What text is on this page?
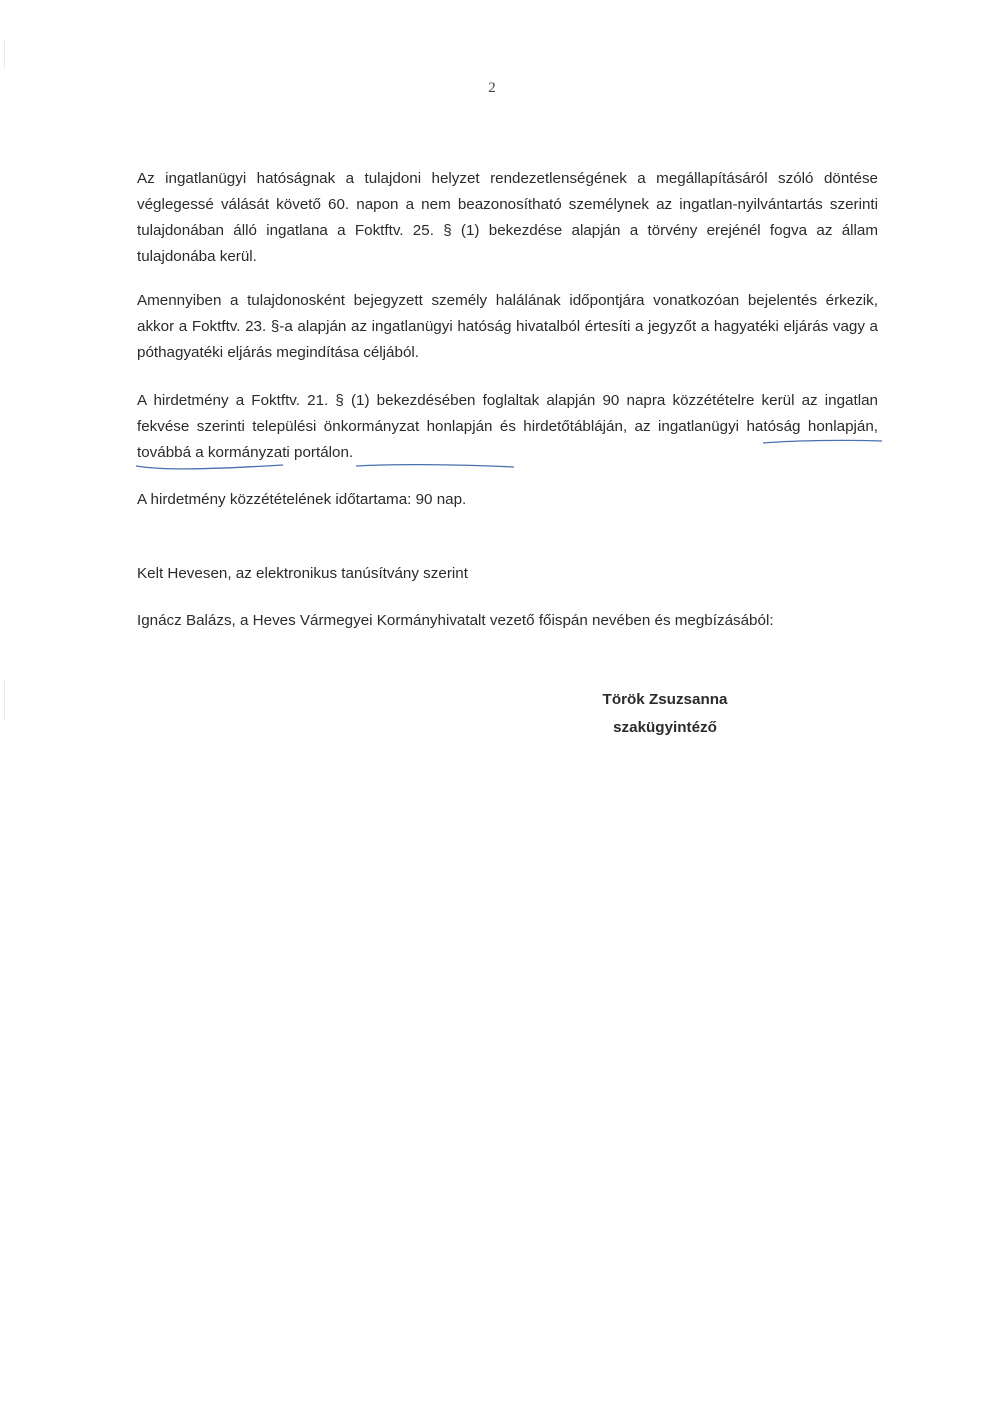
2

Az ingatlanügyi hatóságnak a tulajdoni helyzet rendezetlenségének a megállapításáról szóló döntése véglegessé válását követő 60. napon a nem beazonosítható személynek az ingatlan-nyilvántartás szerinti tulajdonában álló ingatlana a Foktftv. 25. § (1) bekezdése alapján a törvény erejénél fogva az állam tulajdonába kerül.

Amennyiben a tulajdonosként bejegyzett személy halálának időpontjára vonatkozóan bejelentés érkezik, akkor a Foktftv. 23. §-a alapján az ingatlanügyi hatóság hivatalból értesíti a jegyzőt a hagyatéki eljárás vagy a póthagyatéki eljárás megindítása céljából.

A hirdetmény a Foktftv. 21. § (1) bekezdésében foglaltak alapján 90 napra közzétételre kerül az ingatlan fekvése szerinti települési önkormányzat honlapján és hirdetőtábláján, az ingatlanügyi hatóság honlapján, továbbá a kormányzati portálon.

A hirdetmény közzétételének időtartama: 90 nap.

Kelt Hevesen, az elektronikus tanúsítvány szerint

Ignácz Balázs, a Heves Vármegyei Kormányhivatalt vezető főispán nevében és megbízásából:

Török Zsuzsanna
szakügyintéző
